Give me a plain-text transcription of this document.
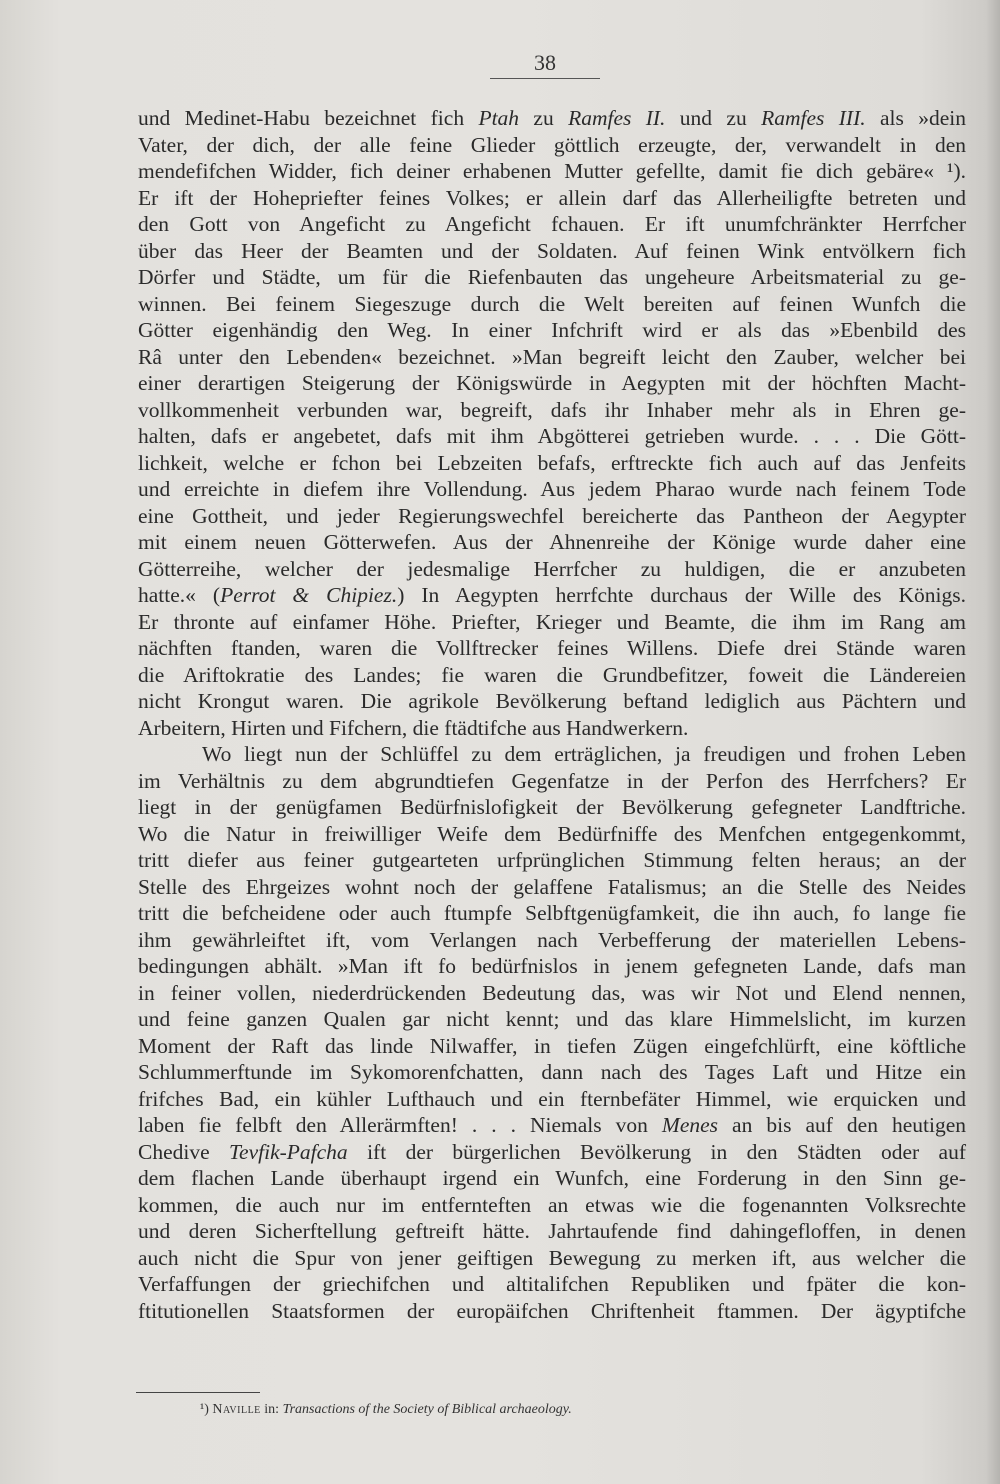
38
und Medinet-Habu bezeichnet fich Ptah zu Ramfes II. und zu Ramfes III. als »dein
Vater, der dich, der alle feine Glieder göttlich erzeugte, der, verwandelt in den
mendefifchen Widder, fich deiner erhabenen Mutter gefellte, damit fie dich gebäre« ¹).
Er ift der Hohepriefter feines Volkes; er allein darf das Allerheiligfte betreten und
den Gott von Angeficht zu Angeficht fchauen. Er ift unumfchränkter Herrfcher
über das Heer der Beamten und der Soldaten. Auf feinen Wink entvölkern fich
Dörfer und Städte, um für die Riefenbauten das ungeheure Arbeitsmaterial zu ge-
winnen. Bei feinem Siegeszuge durch die Welt bereiten auf feinen Wunfch die
Götter eigenhändig den Weg. In einer Infchrift wird er als das »Ebenbild des
Râ unter den Lebenden« bezeichnet. »Man begreift leicht den Zauber, welcher bei
einer derartigen Steigerung der Königswürde in Aegypten mit der höchften Macht-
vollkommenheit verbunden war, begreift, dafs ihr Inhaber mehr als in Ehren ge-
halten, dafs er angebetet, dafs mit ihm Abgötterei getrieben wurde. . . . Die Gött-
lichkeit, welche er fchon bei Lebzeiten befafs, erftreckte fich auch auf das Jenfeits
und erreichte in diefem ihre Vollendung. Aus jedem Pharao wurde nach feinem Tode
eine Gottheit, und jeder Regierungswechfel bereicherte das Pantheon der Aegypter
mit einem neuen Götterwefen. Aus der Ahnenreihe der Könige wurde daher eine
Götterreihe, welcher der jedesmalige Herrfcher zu huldigen, die er anzubeten
hatte.« (Perrot & Chipiez.) In Aegypten herrfchte durchaus der Wille des Königs.
Er thronte auf einfamer Höhe. Priefter, Krieger und Beamte, die ihm im Rang am
nächften ftanden, waren die Vollftrecker feines Willens. Diefe drei Stände waren
die Ariftokratie des Landes; fie waren die Grundbefitzer, foweit die Ländereien
nicht Krongut waren. Die agrikole Bevölkerung beftand lediglich aus Pächtern und
Arbeitern, Hirten und Fifchern, die ftädtifche aus Handwerkern.
Wo liegt nun der Schlüffel zu dem erträglichen, ja freudigen und frohen Leben
im Verhältnis zu dem abgrundtiefen Gegenfatze in der Perfon des Herrfchers? Er
liegt in der genügfamen Bedürfnislofigkeit der Bevölkerung gefegneter Landftriche.
Wo die Natur in freiwilliger Weife dem Bedürfniffe des Menfchen entgegenkommt,
tritt diefer aus feiner gutgearteten urfprünglichen Stimmung felten heraus; an der
Stelle des Ehrgeizes wohnt noch der gelaffene Fatalismus; an die Stelle des Neides
tritt die befcheidene oder auch ftumpfe Selbftgenügfamkeit, die ihn auch, fo lange fie
ihm gewährleiftet ift, vom Verlangen nach Verbefferung der materiellen Lebens-
bedingungen abhält. »Man ift fo bedürfnislos in jenem gefegneten Lande, dafs man
in feiner vollen, niederdrückenden Bedeutung das, was wir Not und Elend nennen,
und feine ganzen Qualen gar nicht kennt; und das klare Himmelslicht, im kurzen
Moment der Raft das linde Nilwaffer, in tiefen Zügen eingefchlürft, eine köftliche
Schlummerftunde im Sykomorenfchatten, dann nach des Tages Laft und Hitze ein
frifches Bad, ein kühler Lufthauch und ein fternbefäter Himmel, wie erquicken und
laben fie felbft den Allerärmften! . . . Niemals von Menes an bis auf den heutigen
Chedive Tevfik-Pafcha ift der bürgerlichen Bevölkerung in den Städten oder auf
dem flachen Lande überhaupt irgend ein Wunfch, eine Forderung in den Sinn ge-
kommen, die auch nur im entfernteften an etwas wie die fogenannten Volksrechte
und deren Sicherftellung geftreift hätte. Jahrtaufende find dahingefloffen, in denen
auch nicht die Spur von jener geiftigen Bewegung zu merken ift, aus welcher die
Verfaffungen der griechifchen und altitalifchen Republiken und fpäter die kon-
ftitutionellen Staatsformen der europäifchen Chriftenheit ftammen. Der ägyptifche
¹) Naville in: Transactions of the Society of Biblical archaeology.
